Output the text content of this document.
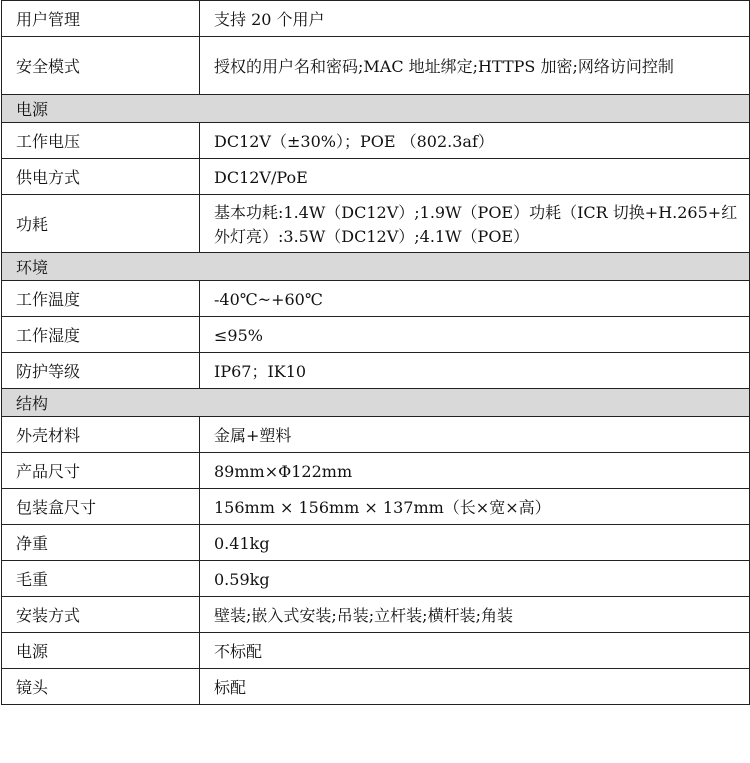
用户管理	支持 20 个用户
安全模式	授权的用户名和密码;MAC 地址绑定;HTTPS 加密;网络访问控制
电源	
工作电压	DC12V（±30%）；POE （802.3af）
供电方式	DC12V/PoE
功耗	基本功耗:1.4W（DC12V）;1.9W（POE）功耗（ICR 切换+H.265+红外灯亮）:3.5W（DC12V）;4.1W（POE）
环境	
工作温度	-40℃~+60℃
工作湿度	≤95%
防护等级	IP67；IK10
结构	
外壳材料	金属+塑料
产品尺寸	89mm×Φ122mm
包装盒尺寸	156mm × 156mm × 137mm（长×宽×高）
净重	0.41kg
毛重	0.59kg
安装方式	壁装;嵌入式安装;吊装;立杆装;横杆装;角装
电源	不标配
镜头	标配
